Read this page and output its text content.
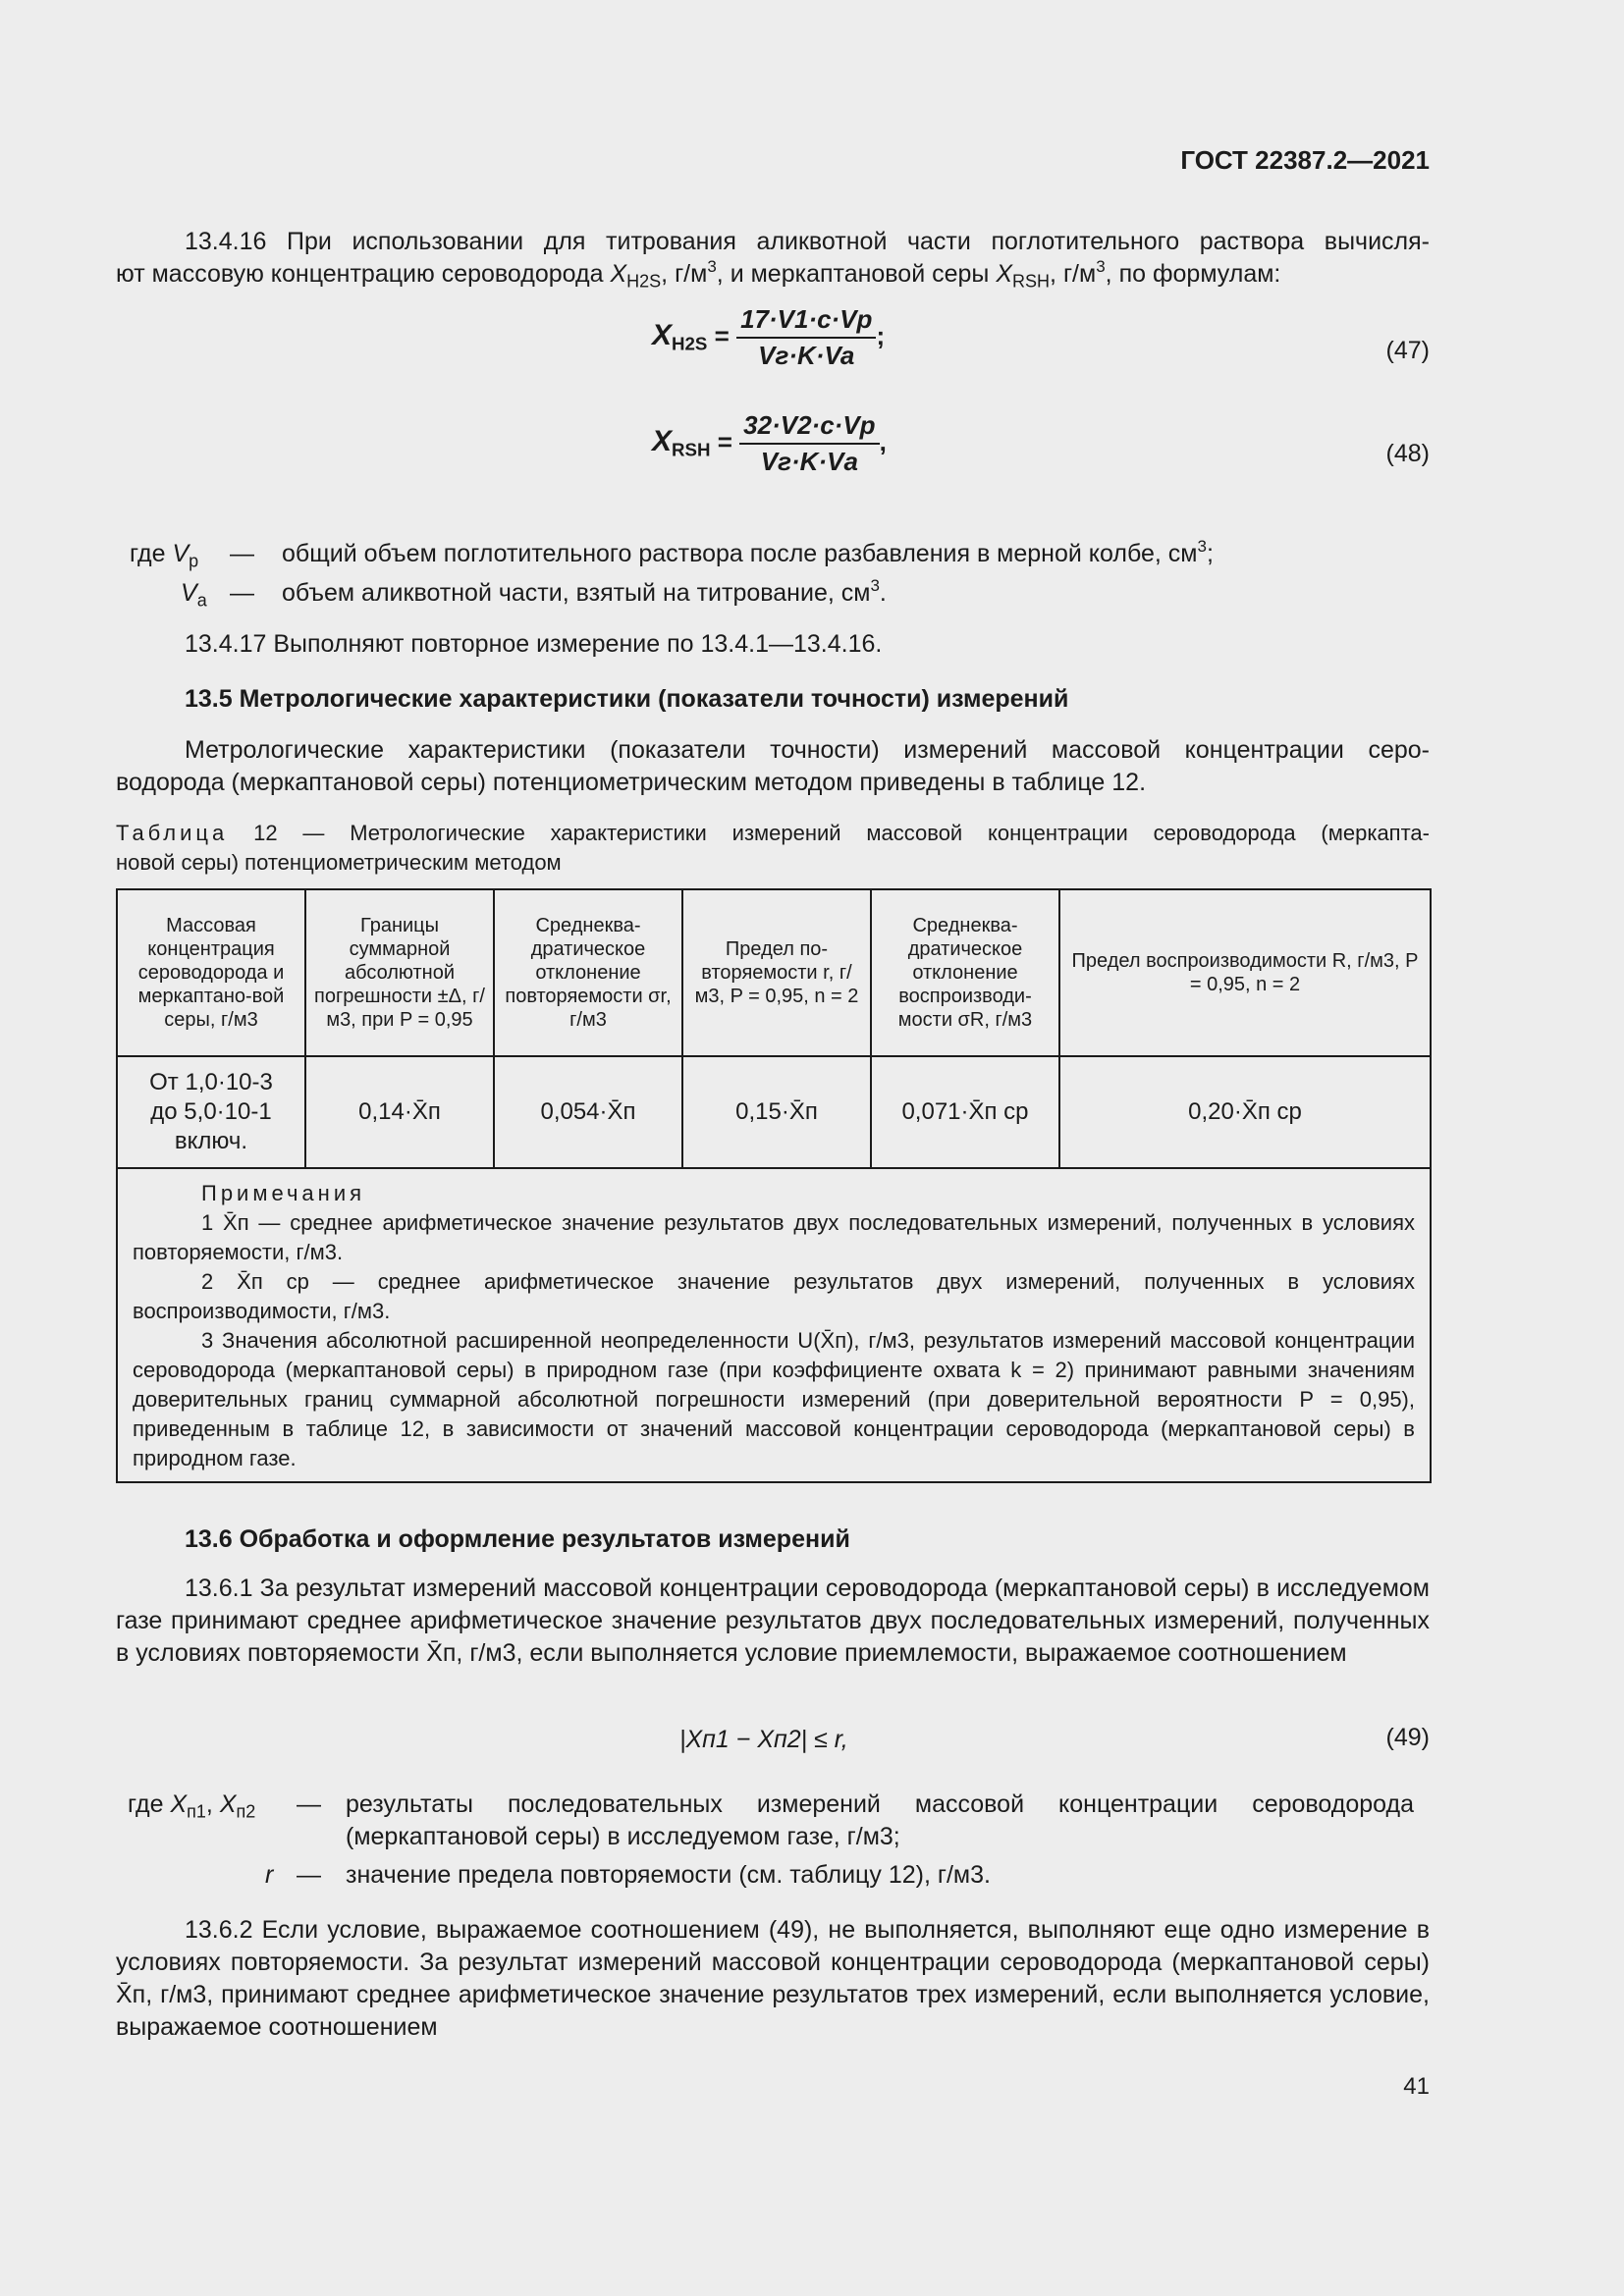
ГОСТ 22387.2—2021
13.4.16 При использовании для титрования аликвотной части поглотительного раствора вычисля-
ют массовую концентрацию сероводорода $X_{H2S}$, $г/м^3$, и меркаптановой серы $X_{RSH}$, $г/м^3$, по формулам:
$X_{H2S} = \frac{17\cdot V1\cdot c\cdot Vр}{Vг\cdot K\cdot Va}$ ;
(47)
$X_{RSH} = \frac{32\cdot V2\cdot c\cdot Vр}{Vг\cdot K\cdot Vа}$ ,	(48)
где $V_р$ — общий объем поглотительного раствора после разбавления в мерной колбе, $см^3$;
$V_а$ — объем аликвотной части, взятый на титрование, $см^3$.
13.4.17 Выполняют повторное измерение по 13.4.1—13.4.16.
13.5 Метрологические характеристики (показатели точности) измерений
Метрологические характеристики (показатели точности) измерений массовой концентрации серо-
водорода (меркаптановой серы) потенциометрическим методом приведены в таблице 12.
Таблица 12 — Метрологические характеристики измерений массовой концентрации сероводорода (меркапта-
новой серы) потенциометрическим методом
Массовая концентрация сероводорода и меркаптано-вой серы, г/м3	Границы суммарной абсолютной погрешности ±Δ, г/м3, при P = 0,95	Среднеква-дратическое отклонение повторяемости σr, г/м3	Предел по-вторяемости r, г/м3, P = 0,95, n = 2	Среднеква-дратическое отклонение воспроизводи-мости σR, г/м3	Предел воспроизводимости R, г/м3, P = 0,95, n = 2
От 1,0·10-3 до 5,0·10-1 включ.	0,14·X̄п	0,054·X̄п	0,15·X̄п	0,071·X̄п ср	0,20·X̄п ср

Примечания
1 X̄п — среднее арифметическое значение результатов двух последовательных измерений, полученных в условиях повторяемости, г/м3.
2 X̄п ср — среднее арифметическое значение результатов двух измерений, полученных в условиях воспроизводимости, г/м3.
3 Значения абсолютной расширенной неопределенности U(X̄п), г/м3, результатов измерений массовой концентрации сероводорода (меркаптановой серы) в природном газе (при коэффициенте охвата k = 2) принимают равными значениям доверительных границ суммарной абсолютной погрешности измерений (при доверительной вероятности P = 0,95), приведенным в таблице 12, в зависимости от значений массовой концентрации сероводорода (меркаптановой серы) в природном газе.					
13.6 Обработка и оформление результатов измерений
13.6.1 За результат измерений массовой концентрации сероводорода (меркаптановой серы) в исследуемом газе принимают среднее арифметическое значение результатов двух последовательных измерений, полученных в условиях повторяемости X̄п, г/м3, если выполняется условие приемлемости, выражаемое соотношением
|Xп1 − Xп2| ≤ r,	(49)
где $X_{п1}$, $X_{п2}$ — результаты последовательных измерений массовой концентрации сероводорода (меркаптановой серы) в исследуемом газе, г/м3;
r — значение предела повторяемости (см. таблицу 12), г/м3.
13.6.2 Если условие, выражаемое соотношением (49), не выполняется, выполняют еще одно измерение в условиях повторяемости. За результат измерений массовой концентрации сероводорода (меркаптановой серы) X̄п, г/м3, принимают среднее арифметическое значение результатов трех измерений, если выполняется условие, выражаемое соотношением
41
